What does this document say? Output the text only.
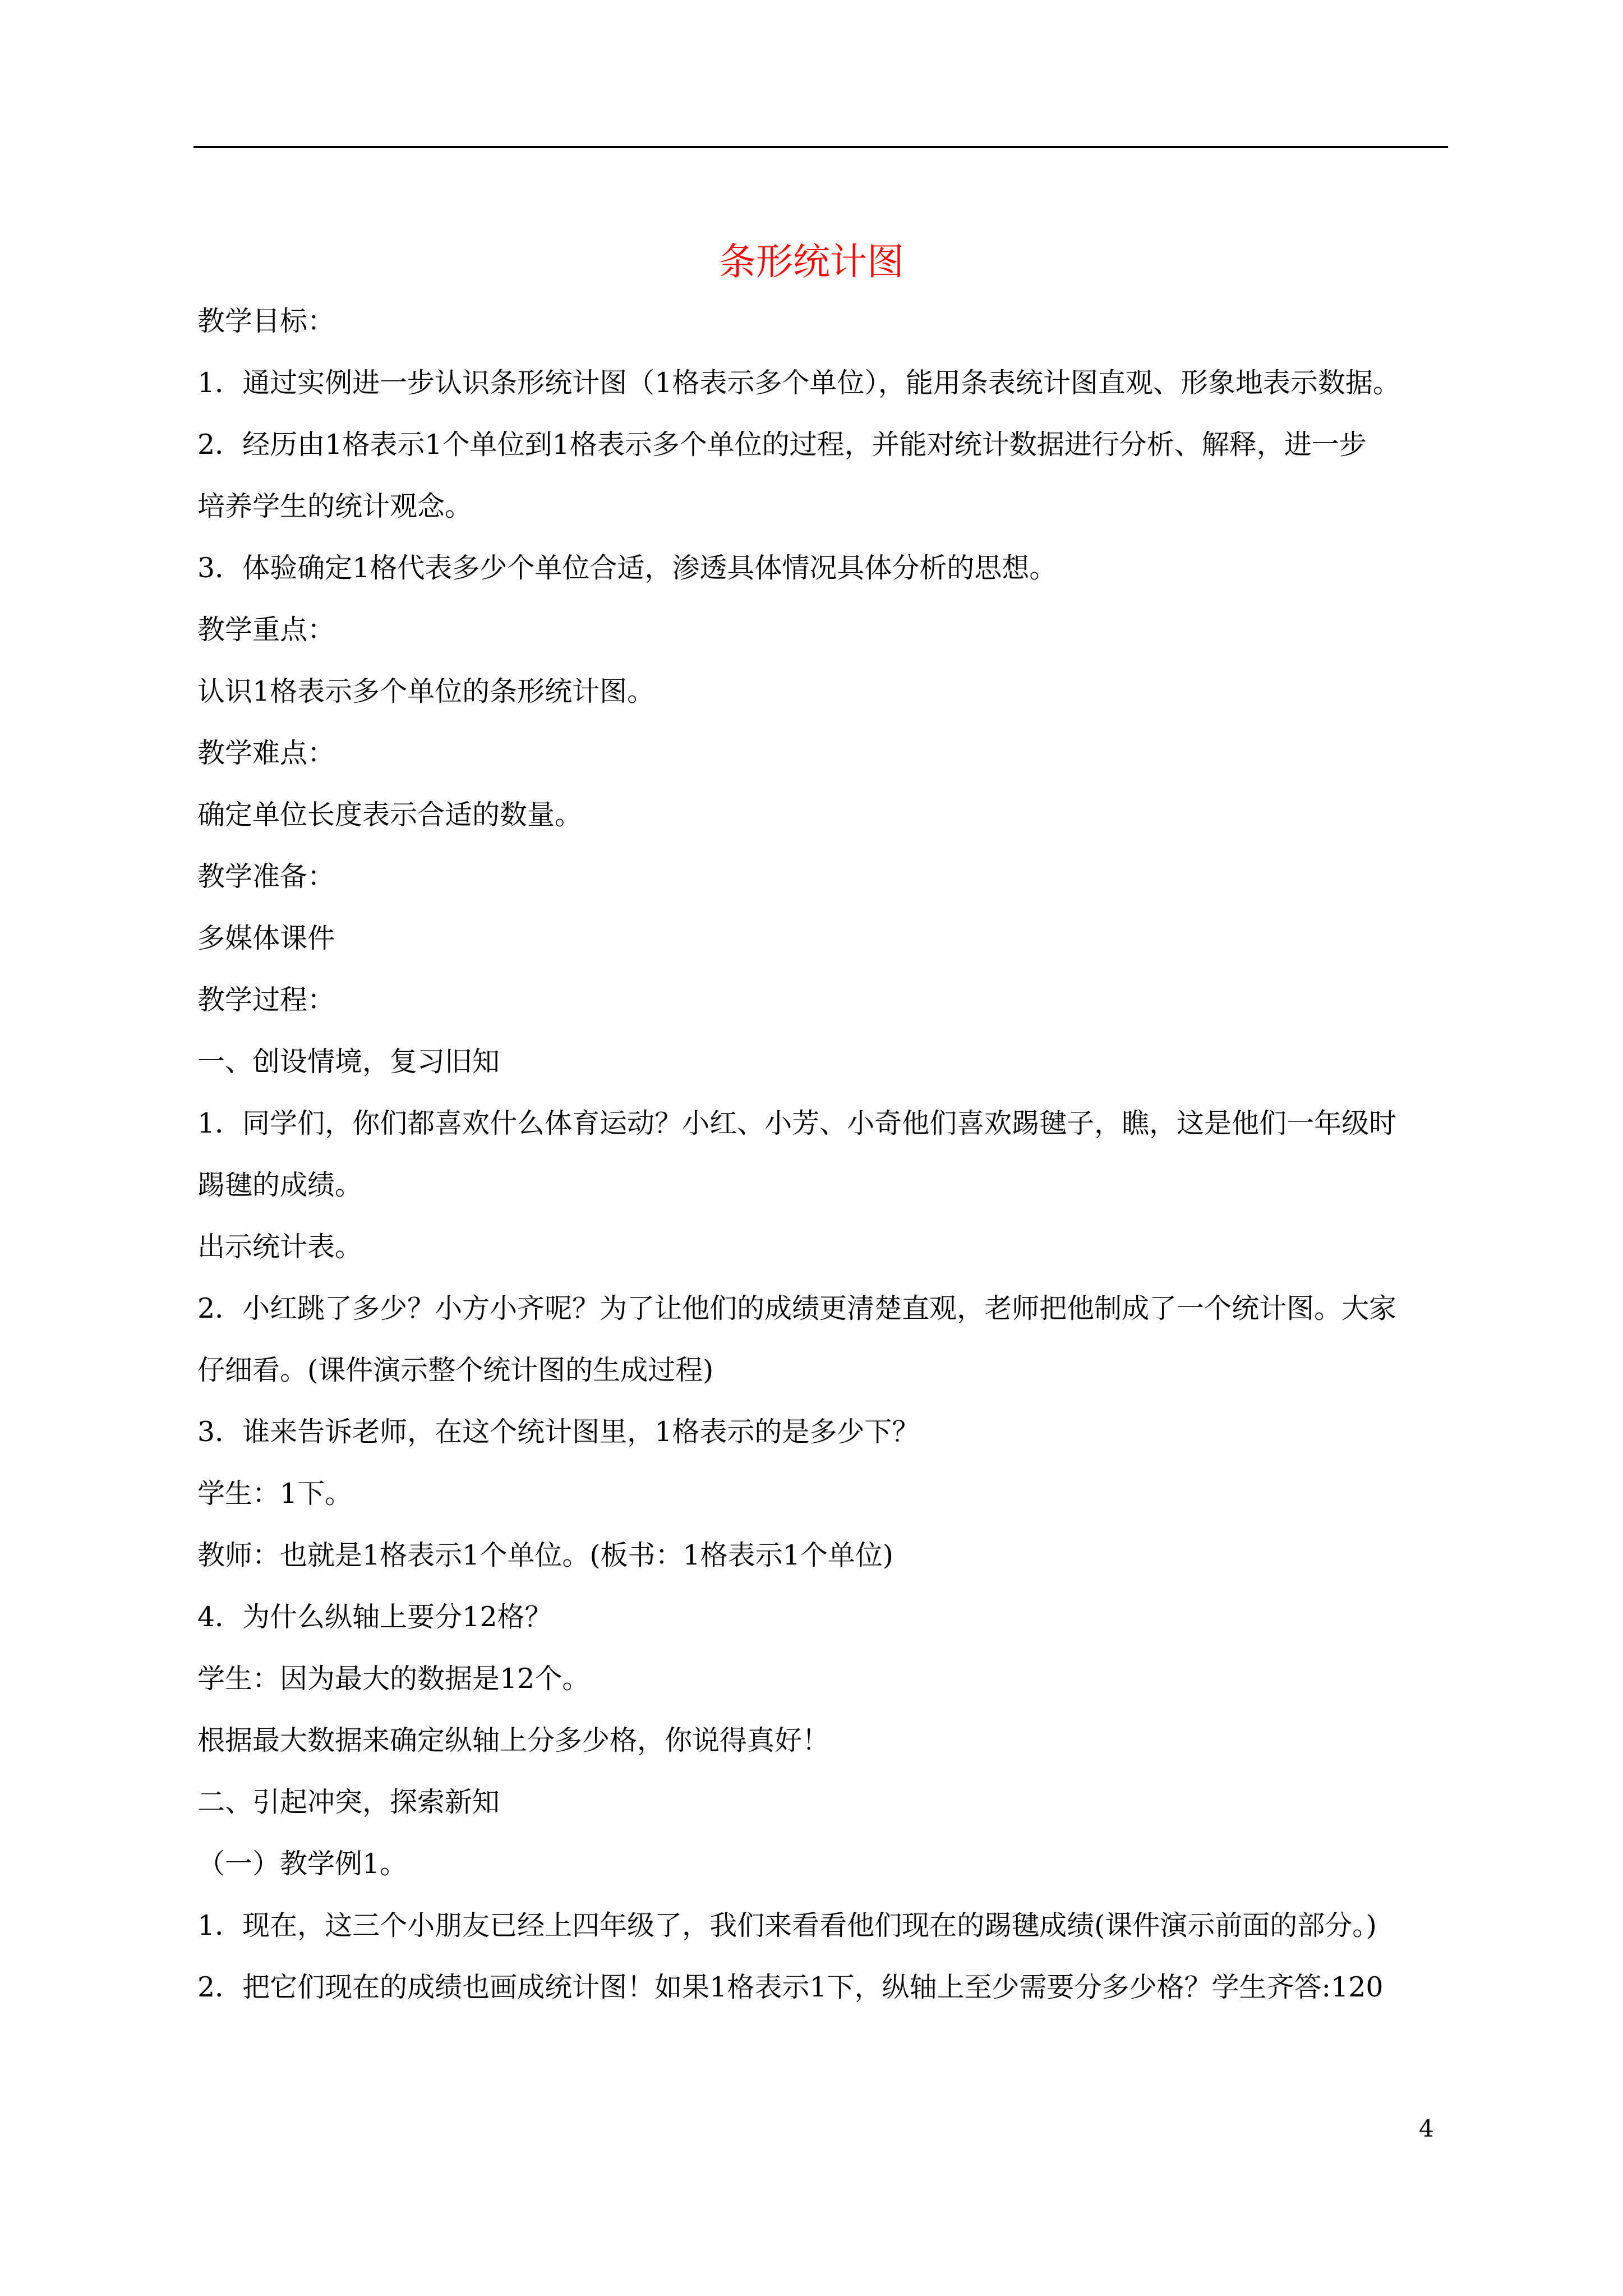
条形统计图

教学目标：

1．通过实例进一步认识条形统计图（1格表示多个单位），能用条表统计图直观、形象地表示数据。

2．经历由1格表示1个单位到1格表示多个单位的过程，并能对统计数据进行分析、解释，进一步

培养学生的统计观念。

3．体验确定1格代表多少个单位合适，渗透具体情况具体分析的思想。

教学重点：

认识1格表示多个单位的条形统计图。

教学难点：

确定单位长度表示合适的数量。

教学准备：

多媒体课件

教学过程：

一、创设情境，复习旧知

1．同学们，你们都喜欢什么体育运动？小红、小芳、小奇他们喜欢踢毽子，瞧，这是他们一年级时

踢毽的成绩。

出示统计表。

2．小红跳了多少？小方小齐呢？为了让他们的成绩更清楚直观，老师把他制成了一个统计图。大家

仔细看。(课件演示整个统计图的生成过程)

3．谁来告诉老师，在这个统计图里，1格表示的是多少下？

学生：1下。

教师：也就是1格表示1个单位。(板书：1格表示1个单位)

4．为什么纵轴上要分12格？

学生：因为最大的数据是12个。

根据最大数据来确定纵轴上分多少格，你说得真好！

二、引起冲突，探索新知

（一）教学例1。

1．现在，这三个小朋友已经上四年级了，我们来看看他们现在的踢毽成绩(课件演示前面的部分。)

2．把它们现在的成绩也画成统计图！如果1格表示1下，纵轴上至少需要分多少格？学生齐答:120

4
